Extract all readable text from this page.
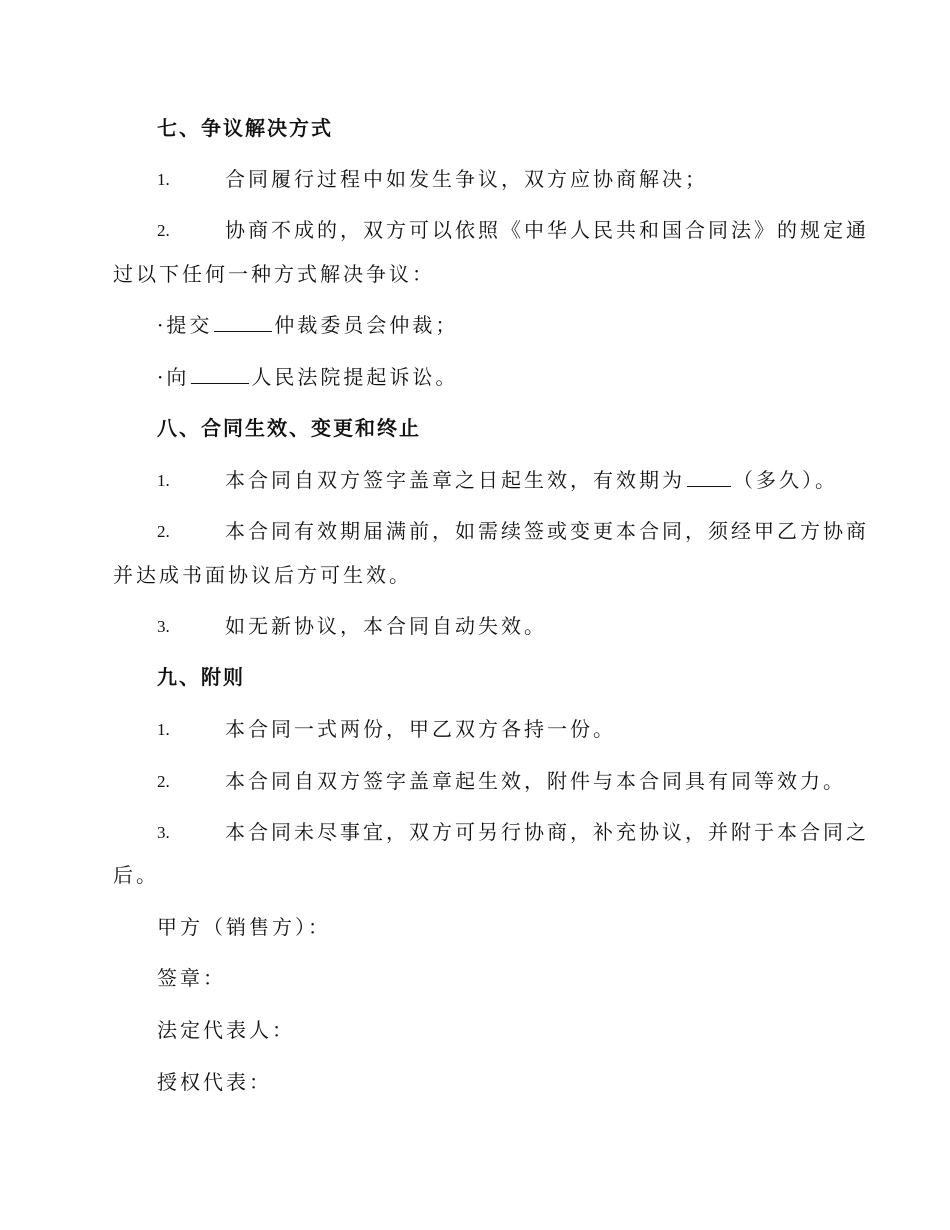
七、争议解决方式
1.	合同履行过程中如发生争议，双方应协商解决；
2.	协商不成的，双方可以依照《中华人民共和国合同法》的规定通
过以下任何一种方式解决争议：
·提交	仲裁委员会仲裁；
·向	人民法院提起诉讼。
八、合同生效、变更和终止
1.	本合同自双方签字盖章之日起生效，有效期为 （多久）。
2.	本合同有效期届满前，如需续签或变更本合同，须经甲乙方协商
并达成书面协议后方可生效。
3.	如无新协议，本合同自动失效。
九、附则
1.	本合同一式两份，甲乙双方各持一份。
2.	本合同自双方签字盖章起生效，附件与本合同具有同等效力。
3.	本合同未尽事宜，双方可另行协商，补充协议，并附于本合同之
后。
甲方（销售方）：
签章：
法定代表人：
授权代表：
